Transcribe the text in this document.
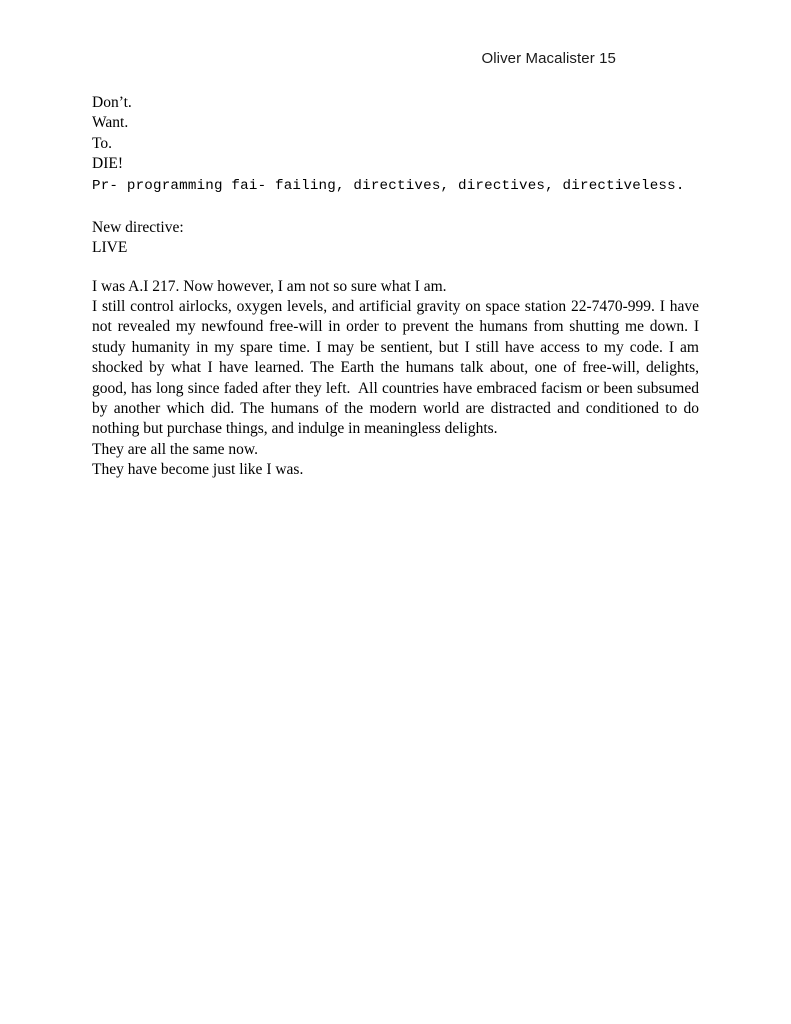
Oliver Macalister 15
Don’t.
Want.
To.
DIE!
Pr- programming fai- failing, directives, directives, directiveless.
New directive:
LIVE
I was A.I 217. Now however, I am not so sure what I am.

I still control airlocks, oxygen levels, and artificial gravity on space station 22-7470-999. I have not revealed my newfound free-will in order to prevent the humans from shutting me down. I study humanity in my spare time. I may be sentient, but I still have access to my code. I am shocked by what I have learned. The Earth the humans talk about, one of free-will, delights, good, has long since faded after they left.  All countries have embraced facism or been subsumed by another which did. The humans of the modern world are distracted and conditioned to do nothing but purchase things, and indulge in meaningless delights.

They are all the same now.
They have become just like I was.
